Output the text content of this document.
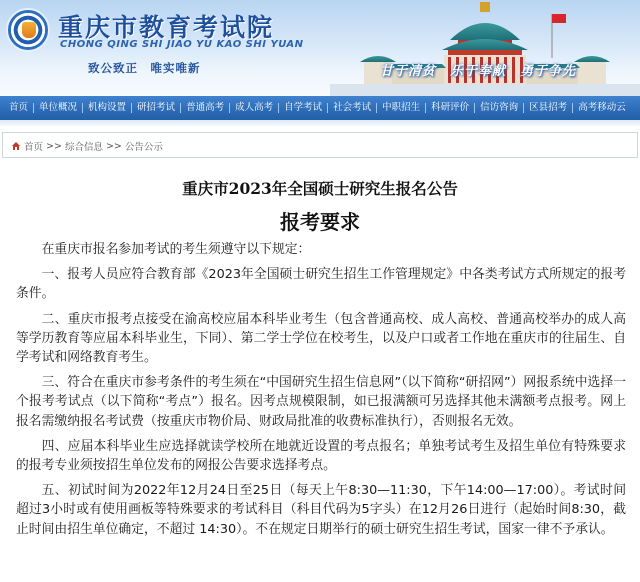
重庆市教育考试院
CHONG QING SHI JIAO YU KAO SHI YUAN
致公致正　唯实唯新	甘于清贫　乐于奉献　勇于争先
首页	单位概况	机构设置	研招考试	普通高考	成人高考	自学考试	社会考试	中职招生	科研评价	信访咨询	区县招考	高考移动云
首页 >> 综合信息 >> 公告公示
重庆市2023年全国硕士研究生报名公告
报考要求

在重庆市报名参加考试的考生须遵守以下规定：

一、报考人员应符合教育部《2023年全国硕士研究生招生工作管理规定》中各类考试方式所规定的报考条件。

二、重庆市报考点接受在渝高校应届本科毕业考生（包含普通高校、成人高校、普通高校举办的成人高等学历教育等应届本科毕业生，下同）、第二学士学位在校考生，以及户口或者工作地在重庆市的往届生、自学考试和网络教育考生。

三、符合在重庆市参考条件的考生须在“中国研究生招生信息网”（以下简称“研招网”）网报系统中选择一个报考考试点（以下简称“考点”）报名。因考点规模限制，如已报满额可另选择其他未满额考点报考。网上报名需缴纳报名考试费（按重庆市物价局、财政局批准的收费标准执行），否则报名无效。

四、应届本科毕业生应选择就读学校所在地就近设置的考点报名；单独考试考生及招生单位有特殊要求的报考专业须按招生单位发布的网报公告要求选择考点。

五、初试时间为2022年12月24日至25日（每天上午8:30—11:30，下午14:00—17:00）。考试时间超过3小时或有使用画板等特殊要求的考试科目（科目代码为5字头）在12月26日进行（起始时间8:30，截止时间由招生单位确定，不超过 14:30）。不在规定日期举行的硕士研究生招生考试，国家一律不予承认。
